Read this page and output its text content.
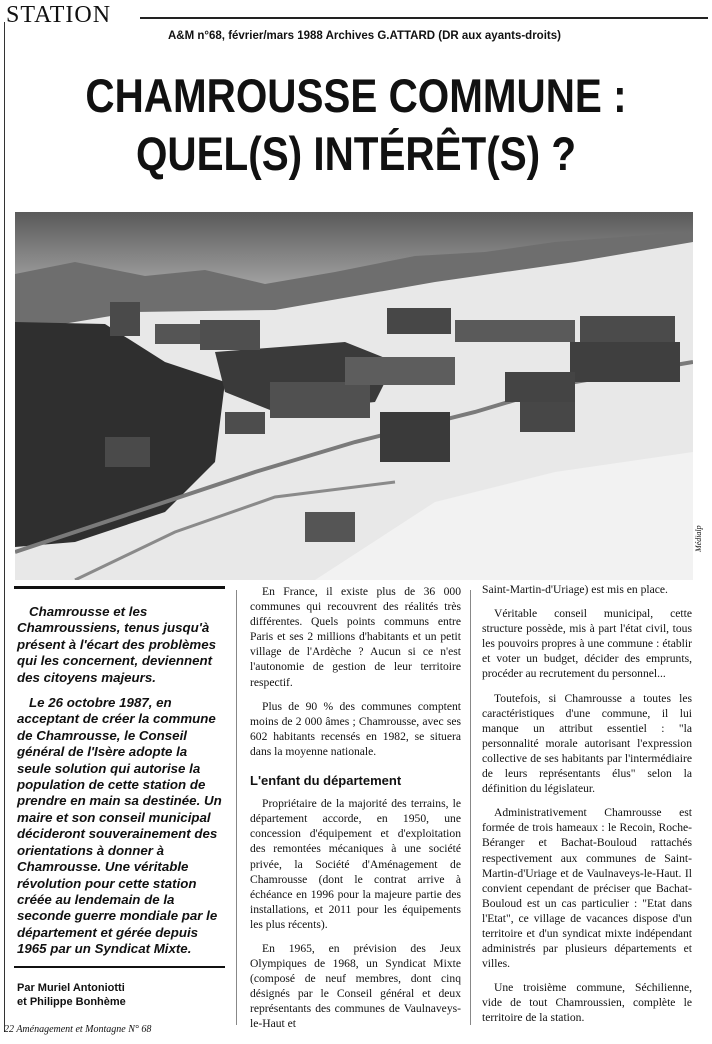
STATION
A&M n°68, février/mars 1988 Archives G.ATTARD (DR aux ayants-droits)
CHAMROUSSE COMMUNE :
QUEL(S) INTÉRÊT(S) ?
Médialp

Chamrousse et les Chamroussiens, tenus jusqu'à présent à l'écart des problèmes qui les concernent, deviennent des citoyens majeurs.

Le 26 octobre 1987, en acceptant de créer la commune de Chamrousse, le Conseil général de l'Isère adopte la seule solution qui autorise la population de cette station de prendre en main sa destinée. Un maire et son conseil municipal décideront souverainement des orientations à donner à Chamrousse. Une véritable révolution pour cette station créée au lendemain de la seconde guerre mondiale par le département et gérée depuis 1965 par un Syndicat Mixte.

Par Muriel Antoniotti
et Philippe Bonhème

En France, il existe plus de 36 000 communes qui recouvrent des réalités très différentes. Quels points communs entre Paris et ses 2 millions d'habitants et un petit village de l'Ardèche ? Aucun si ce n'est l'autonomie de gestion de leur territoire respectif.

Plus de 90 % des communes comptent moins de 2 000 âmes ; Chamrousse, avec ses 602 habitants recensés en 1982, se situera dans la moyenne nationale.

L'enfant du département

Propriétaire de la majorité des terrains, le département accorde, en 1950, une concession d'équipement et d'exploitation des remontées mécaniques à une société privée, la Société d'Aménagement de Chamrousse (dont le contrat arrive à échéance en 1996 pour la majeure partie des installations, et 2011 pour les équipements les plus récents).

En 1965, en prévision des Jeux Olympiques de 1968, un Syndicat Mixte (composé de neuf membres, dont cinq désignés par le Conseil général et deux représentants des communes de Vaulnaveys-le-Haut et

Saint-Martin-d'Uriage) est mis en place.

Véritable conseil municipal, cette structure possède, mis à part l'état civil, tous les pouvoirs propres à une commune : établir et voter un budget, décider des emprunts, procéder au recrutement du personnel...

Toutefois, si Chamrousse a toutes les caractéristiques d'une commune, il lui manque un attribut essentiel : "la personnalité morale autorisant l'expression collective de ses habitants par l'intermédiaire de leurs représentants élus" selon la définition du législateur.

Administrativement Chamrousse est formée de trois hameaux : le Recoin, Roche-Béranger et Bachat-Bouloud rattachés respectivement aux communes de Saint-Martin-d'Uriage et de Vaulnaveys-le-Haut. Il convient cependant de préciser que Bachat-Bouloud est un cas particulier : "Etat dans l'Etat", ce village de vacances dispose d'un territoire et d'un syndicat mixte indépendant administrés par plusieurs départements et villes.

Une troisième commune, Séchilienne, vide de tout Chamroussien, complète le territoire de la station.

22 Aménagement et Montagne N° 68
